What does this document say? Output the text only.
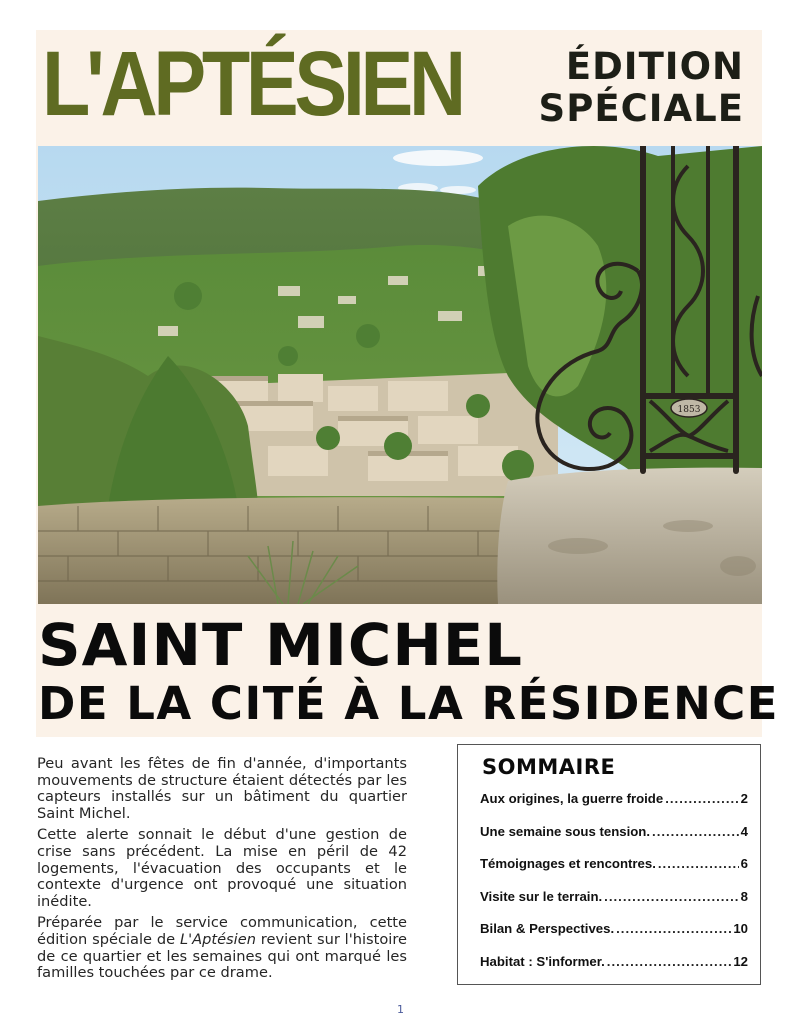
L'APTÉSIEN	ÉDITION
SPÉCIALE
1853
SAINT MICHEL
DE LA CITÉ À LA RÉSIDENCE

Peu avant les fêtes de fin d'année, d'importants mouvements de structure étaient détectés par les capteurs installés sur un bâtiment du quartier Saint Michel.

Cette alerte sonnait le début d'une gestion de crise sans précédent. La mise en péril de 42 logements, l'évacuation des occupants et le contexte d'urgence ont provoqué une situation inédite.

Préparée par le service communication, cette édition spéciale de L'Aptésien revient sur l'histoire de ce quartier et les semaines qui ont marqué les familles touchées par ce drame.

SOMMAIRE
Aux origines, la guerre froide .....	2
Une semaine sous tension. .....	4
Témoignages et rencontres. .....	6
Visite sur le terrain. .....	8
Bilan & Perspectives. .....	10
Habitat : S'informer. .....	12
1
